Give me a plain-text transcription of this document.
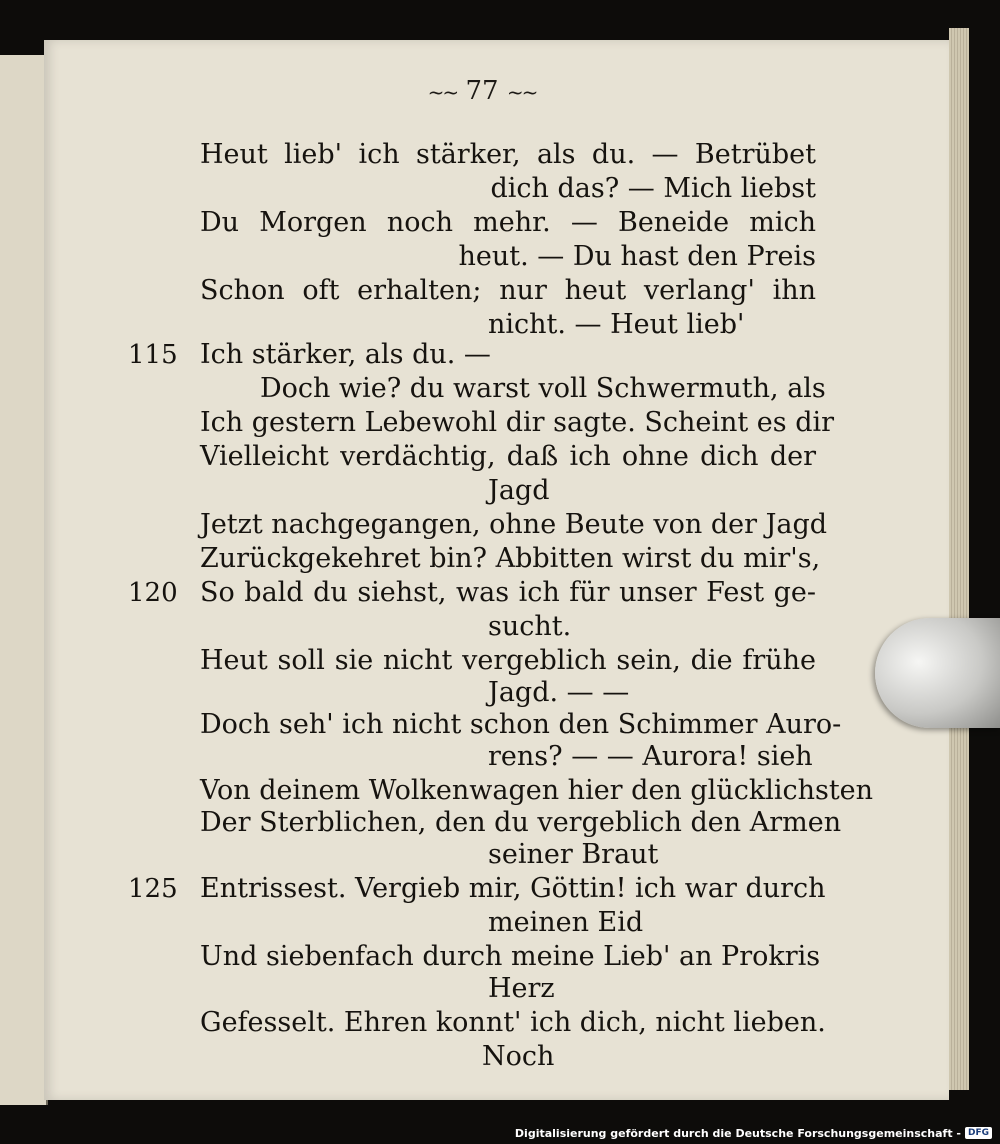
~~ 77 ~~
115
120
125
Heut lieb' ich stärker, als du. — Betrübet
dich das? — Mich liebst
Du Morgen noch mehr. — Beneide mich
heut. — Du hast den Preis
Schon oft erhalten; nur heut verlang' ihn
nicht. — Heut lieb'
Ich stärker, als du. —
Doch wie? du warst voll Schwermuth, als
Ich gestern Lebewohl dir sagte. Scheint es dir
Vielleicht verdächtig, daß ich ohne dich der
Jagd
Jetzt nachgegangen, ohne Beute von der Jagd
Zurückgekehret bin? Abbitten wirst du mir's,
So bald du siehst, was ich für unser Fest ge-
sucht.
Heut soll sie nicht vergeblich sein, die frühe
Jagd. — —
Doch seh' ich nicht schon den Schimmer Auro-
rens? — — Aurora! sieh
Von deinem Wolkenwagen hier den glücklichsten
Der Sterblichen, den du vergeblich den Armen
seiner Braut
Entrissest. Vergieb mir, Göttin! ich war durch
meinen Eid
Und siebenfach durch meine Lieb' an Prokris
Herz
Gefesselt. Ehren konnt' ich dich, nicht lieben.
Noch
Digitalisierung gefördert durch die Deutsche Forschungsgemeinschaft - DFG
